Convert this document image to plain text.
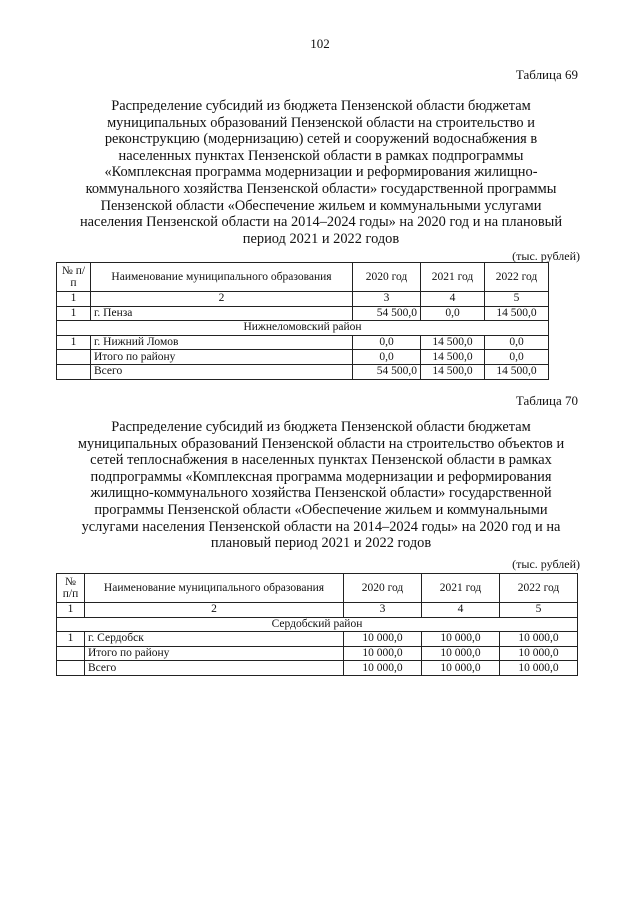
102
Таблица 69
Распределение субсидий из бюджета Пензенской области бюджетам
муниципальных образований Пензенской области на строительство и
реконструкцию (модернизацию) сетей и сооружений водоснабжения в
населенных пунктах Пензенской области в рамках подпрограммы
«Комплексная программа модернизации и реформирования жилищно-
коммунального хозяйства Пензенской области» государственной программы
Пензенской области «Обеспечение жильем и коммунальными услугами
населения Пензенской области на 2014–2024 годы» на 2020 год и на плановый
период 2021 и 2022 годов
(тыс. рублей)
№ п/п	Наименование муниципального образования	2020 год	2021 год	2022 год
1	2	3	4	5
1	г. Пенза	54 500,0	0,0	14 500,0
Нижнеломовский район				
1	г. Нижний Ломов	0,0	14 500,0	0,0
	Итого по району	0,0	14 500,0	0,0
	Всего	54 500,0	14 500,0	14 500,0
Таблица 70
Распределение субсидий из бюджета Пензенской области бюджетам
муниципальных образований Пензенской области на строительство объектов и
сетей теплоснабжения в населенных пунктах Пензенской области в рамках
подпрограммы «Комплексная программа модернизации и реформирования
жилищно-коммунального хозяйства Пензенской области» государственной
программы Пензенской области «Обеспечение жильем и коммунальными
услугами населения Пензенской области на 2014–2024 годы» на 2020 год и на
плановый период 2021 и 2022 годов
(тыс. рублей)
№ п/п	Наименование муниципального образования	2020 год	2021 год	2022 год
1	2	3	4	5
Сердобский район				
1	г. Сердобск	10 000,0	10 000,0	10 000,0
	Итого по району	10 000,0	10 000,0	10 000,0
	Всего	10 000,0	10 000,0	10 000,0
